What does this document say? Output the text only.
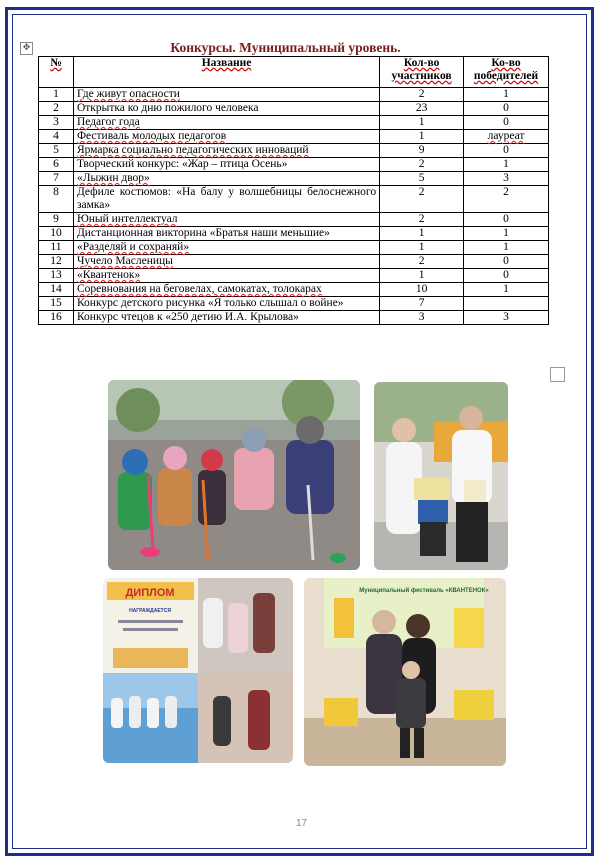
✥	Конкурсы. Муниципальный уровень.
№	Название	Кол-во участников	Ко-во победителей
1	Где живут опасности	2	1
2	Открытка ко дню пожилого человека	23	0
3	Педагог года	1	0
4	Фестиваль молодых педагогов	1	лауреат
5	Ярмарка социально педагогических инноваций	9	0
6	Творческий конкурс: «Жар – птица Осень»	2	1
7	«Лыжин двор»	5	3
8	Дефиле костюмов: «На балу у волшебницы белоснежного замка»	2	2
9	Юный интеллектуал	2	0
10	Дистанционная викторина «Братья наши меньшие»	1	1
11	«Разделяй и сохраняй»	1	1
12	Чучело Масленицы	2	0
13	«Квантенок»	1	0
14	Соревнования на беговелах, самокатах, толокарах	10	1
15	Конкурс детского рисунка «Я только слышал о войне»	7	
16	Конкурс чтецов к «250 детию И.А. Крылова»	3	3
ДИПЛОМ
НАГРАЖДАЕТСЯ
Муниципальный фестиваль «КВАНТЕНОК»
17
